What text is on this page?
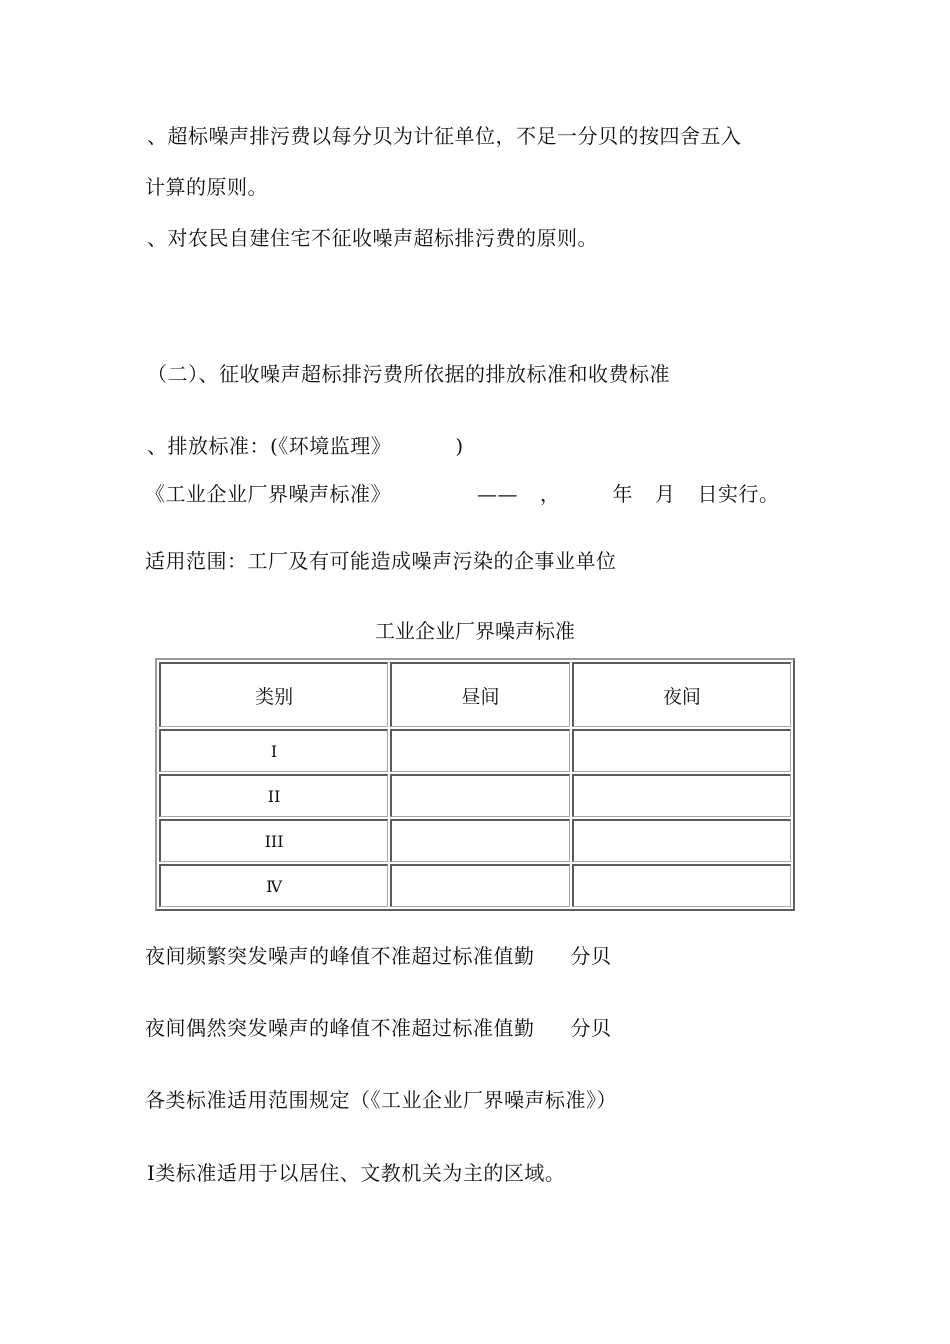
、超标噪声排污费以每分贝为计征单位，不足一分贝的按四舍五入
计算的原则。
、对农民自建住宅不征收噪声超标排污费的原则。
（二）、征收噪声超标排污费所依据的排放标准和收费标准
、排放标准：(《环境监理》	)
《工业企业厂界噪声标准》	—— ，	年 月 日实行。
适用范围：工厂及有可能造成噪声污染的企事业单位
工业企业厂界噪声标准
类别	昼间	夜间
I		
II		
III		
Ⅳ		
夜间频繁突发噪声的峰值不准超过标准值勤 分贝
夜间偶然突发噪声的峰值不准超过标准值勤 分贝
各类标准适用范围规定（《工业企业厂界噪声标准》）
Ⅰ类标准适用于以居住、文教机关为主的区域。
